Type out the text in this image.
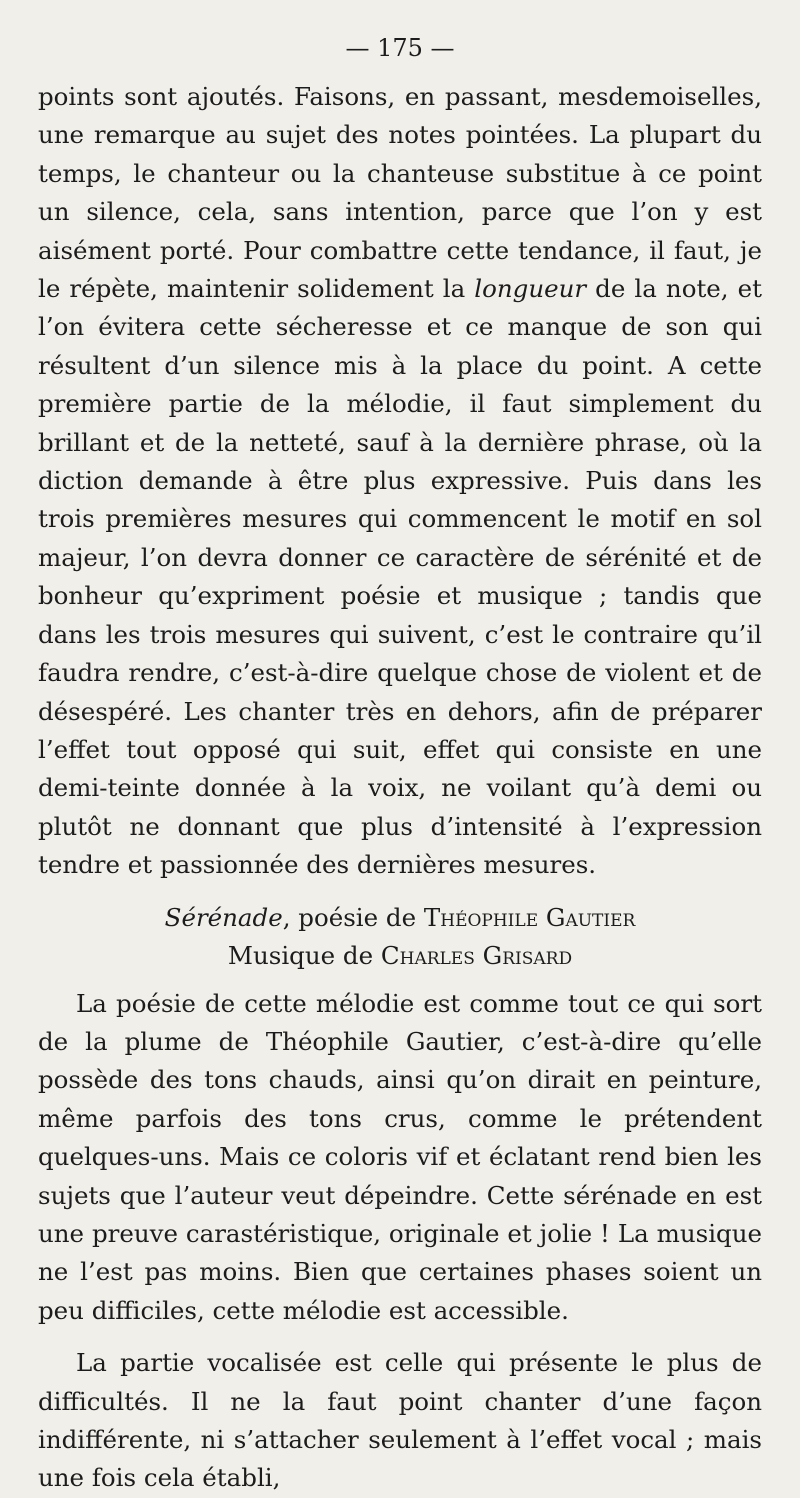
— 175 —

points sont ajoutés. Faisons, en passant, mesdemoiselles, une remarque au sujet des notes pointées. La plupart du temps, le chanteur ou la chanteuse substitue à ce point un silence, cela, sans intention, parce que l’on y est aisément porté. Pour combattre cette tendance, il faut, je le répète, maintenir solidement la longueur de la note, et l’on évitera cette sécheresse et ce manque de son qui résultent d’un silence mis à la place du point. A cette première partie de la mélodie, il faut simplement du brillant et de la netteté, sauf à la dernière phrase, où la diction demande à être plus expressive. Puis dans les trois premières mesures qui commencent le motif en sol majeur, l’on devra donner ce caractère de sérénité et de bonheur qu’expriment poésie et musique ; tandis que dans les trois mesures qui suivent, c’est le contraire qu’il faudra rendre, c’est-à-dire quelque chose de violent et de désespéré. Les chanter très en dehors, afin de préparer l’effet tout opposé qui suit, effet qui consiste en une demi-teinte donnée à la voix, ne voilant qu’à demi ou plutôt ne donnant que plus d’intensité à l’expression tendre et passionnée des dernières mesures.

Sérénade, poésie de Théophile Gautier
Musique de Charles Grisard

La poésie de cette mélodie est comme tout ce qui sort de la plume de Théophile Gautier, c’est-à-dire qu’elle possède des tons chauds, ainsi qu’on dirait en peinture, même parfois des tons crus, comme le prétendent quelques-uns. Mais ce coloris vif et éclatant rend bien les sujets que l’auteur veut dépeindre. Cette sérénade en est une preuve carastéristique, originale et jolie ! La musique ne l’est pas moins. Bien que certaines phases soient un peu difficiles, cette mélodie est accessible.

La partie vocalisée est celle qui présente le plus de difficultés. Il ne la faut point chanter d’une façon indifférente, ni s’attacher seulement à l’effet vocal ; mais une fois cela établi,
